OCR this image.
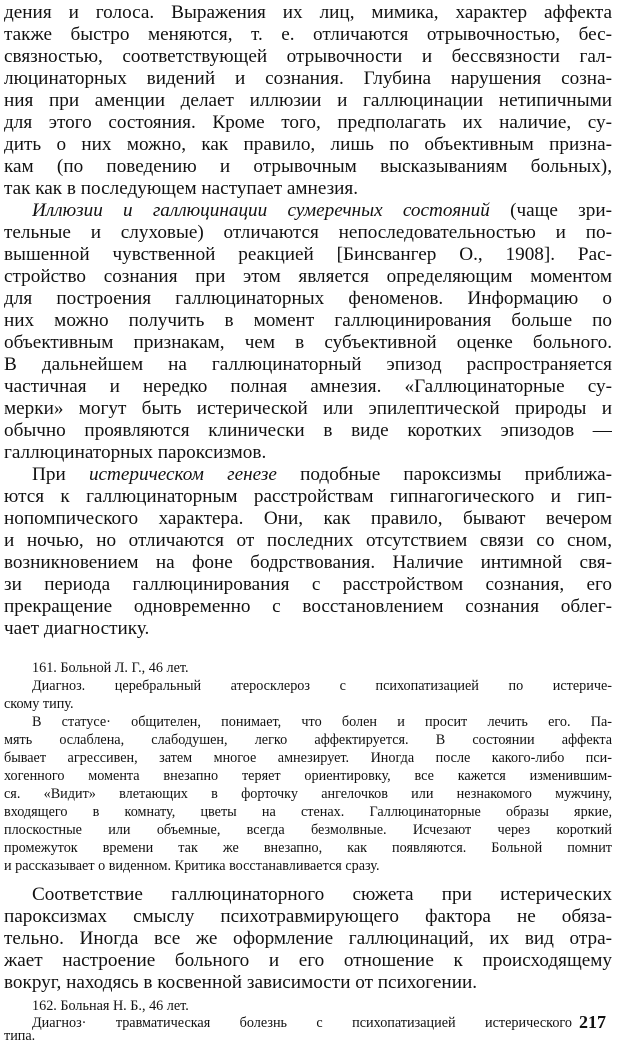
дения и голоса. Выражения их лиц, мимика, характер аффекта
также быстро меняются, т. е. отличаются отрывочностью, бес-
связностью, соответствующей отрывочности и бессвязности гал-
люцинаторных видений и сознания. Глубина нарушения созна-
ния при аменции делает иллюзии и галлюцинации нетипичными
для этого состояния. Кроме того, предполагать их наличие, су-
дить о них можно, как правило, лишь по объективным призна-
кам (по поведению и отрывочным высказываниям больных),
так как в последующем наступает амнезия.
Иллюзии и галлюцинации сумеречных состояний (чаще зри-
тельные и слуховые) отличаются непоследовательностью и по-
вышенной чувственной реакцией [Бинсвангер О., 1908]. Рас-
стройство сознания при этом является определяющим моментом
для построения галлюцинаторных феноменов. Информацию о
них можно получить в момент галлюцинирования больше по
объективным признакам, чем в субъективной оценке больного.
В дальнейшем на галлюцинаторный эпизод распространяется
частичная и нередко полная амнезия. «Галлюцинаторные су-
мерки» могут быть истерической или эпилептической природы и
обычно проявляются клинически в виде коротких эпизодов —
галлюцинаторных пароксизмов.
При истерическом генезе подобные пароксизмы приближа-
ются к галлюцинаторным расстройствам гипнагогического и гип-
нопомпического характера. Они, как правило, бывают вечером
и ночью, но отличаются от последних отсутствием связи со сном,
возникновением на фоне бодрствования. Наличие интимной свя-
зи периода галлюцинирования с расстройством сознания, его
прекращение одновременно с восстановлением сознания облег-
чает диагностику.
161. Больной Л. Г., 46 лет.
Диагноз. церебральный атеросклероз с психопатизацией по истериче-
скому типу.
В статусе· общителен, понимает, что болен и просит лечить его. Па-
мять ослаблена, слабодушен, легко аффектируется. В состоянии аффекта
бывает агрессивен, затем многое амнезирует. Иногда после какого-либо пси-
хогенного момента внезапно теряет ориентировку, все кажется изменившим-
ся. «Видит» влетающих в форточку ангелочков или незнакомого мужчину,
входящего в комнату, цветы на стенах. Галлюцинаторные образы яркие,
плоскостные или объемные, всегда безмолвные. Исчезают через короткий
промежуток времени так же внезапно, как появляются. Больной помнит
и рассказывает о виденном. Критика восстанавливается сразу.
Соответствие галлюцинаторного сюжета при истерических
пароксизмах смыслу психотравмирующего фактора не обяза-
тельно. Иногда все же оформление галлюцинаций, их вид отра-
жает настроение больного и его отношение к происходящему
вокруг, находясь в косвенной зависимости от психогении.
162. Больная Н. Б., 46 лет.
Диагноз· травматическая болезнь с психопатизацией истерического
типа.
217
